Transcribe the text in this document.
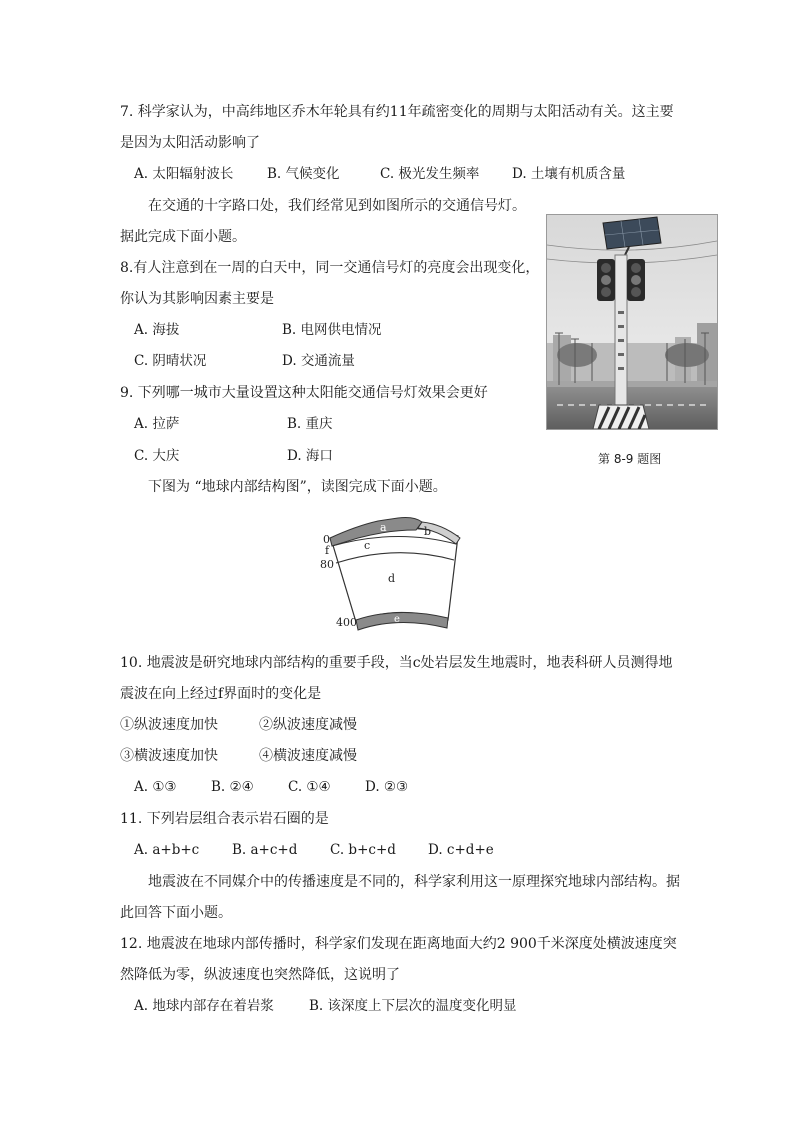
7. 科学家认为，中高纬地区乔木年轮具有约11年疏密变化的周期与太阳活动有关。这主要
是因为太阳活动影响了
A. 太阳辐射波长 B. 气候变化	C. 极光发生频率 D. 土壤有机质含量
在交通的十字路口处，我们经常见到如图所示的交通信号灯。
据此完成下面小题。
8.有人注意到在一周的白天中，同一交通信号灯的亮度会出现变化，
你认为其影响因素主要是
A. 海拔	B. 电网供电情况
C. 阴晴状况	D. 交通流量
9. 下列哪一城市大量设置这种太阳能交通信号灯效果会更好
A. 拉萨	B. 重庆
C. 大庆	D. 海口	第 8-9 题图
下图为 “地球内部结构图”，读图完成下面小题。
a	b
c
d
e
f
0
80
400
10. 地震波是研究地球内部结构的重要手段，当c处岩层发生地震时，地表科研人员测得地
震波在向上经过f界面时的变化是
①纵波速度加快	②纵波速度减慢
③横波速度加快	④横波速度减慢
A. ①③	B. ②④	C. ①④	D. ②③
11. 下列岩层组合表示岩石圈的是
A. a+b+c B. a+c+d C. b+c+d D. c+d+e
地震波在不同媒介中的传播速度是不同的，科学家利用这一原理探究地球内部结构。据
此回答下面小题。
12. 地震波在地球内部传播时，科学家们发现在距离地面大约2 900千米深度处横波速度突
然降低为零，纵波速度也突然降低，这说明了
A. 地球内部存在着岩浆	B. 该深度上下层次的温度变化明显
